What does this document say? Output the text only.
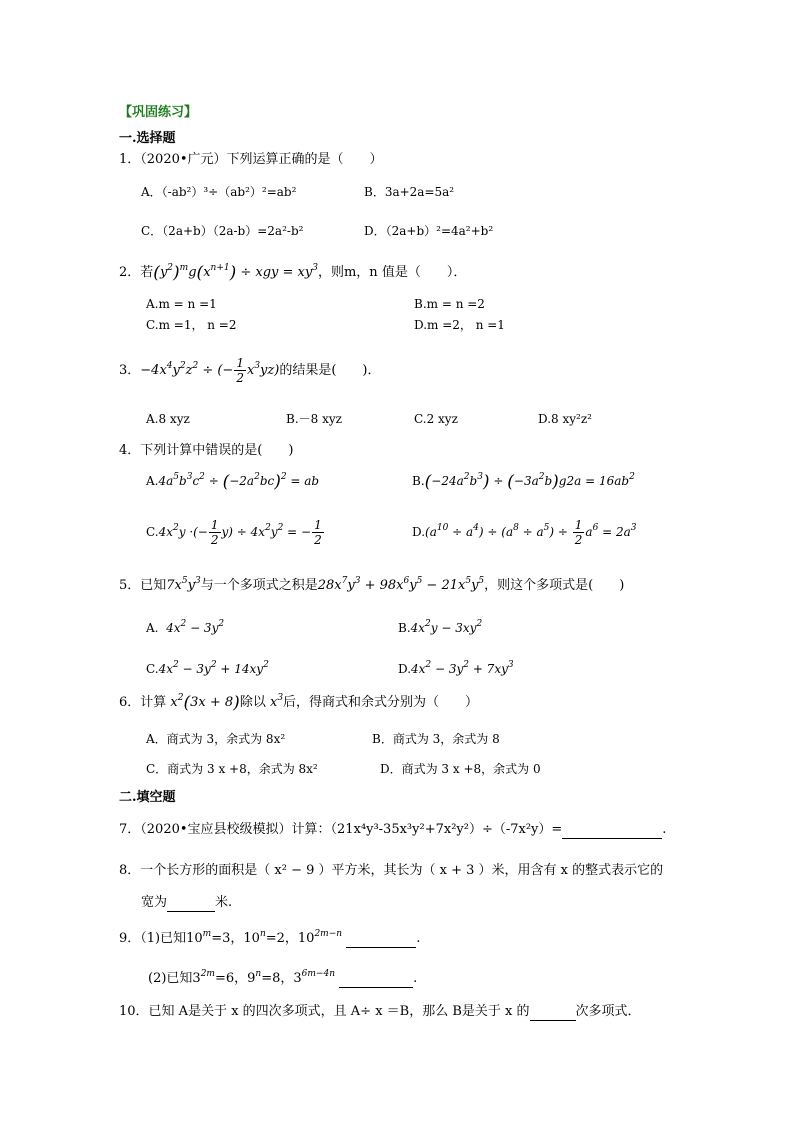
【巩固练习】
一.选择题
1．（2020•广元）下列运算正确的是（　　）
A．（-ab²）³÷（ab²）²=ab²	B．3a+2a=5a²
C．（2a+b）（2a-b）=2a²-b²	D．（2a+b）²=4a²+b²
2．若$(y^2)^mg(x^{n+1})$ ÷ xgy = $xy^3$，则m，n 值是（　　）．
A.m = n =1	B.m = n =2
C.m =1， n =2	D.m =2， n =1
3．$-4x^4y^2z^2$ ÷ (− $\frac{1}{2} x^3yz$)的结果是(　　)．
A.8 xyz	B.－8 xyz	C.2 xyz	D.8 xy²z²
4．下列计算中错误的是(　　)
$A.4a^5b^3c^2 \div (-2a^2bc)^2$ = ab	$B.(-24a^2b^3) \div (-3a^2b)g2a = 16ab^2$
$C.4x^2y$ ·(− $\frac{1}{2} y) \div 4x^2y^2$ = − $\frac{1}{2}$	$D.(a^{10} \div a^4) \div (a^8 \div a^5) \div \frac{1}{2} a^6 = 2a^3$
5．已知$7x^5y^3$与一个多项式之积是$28x^7y^3 + 98x^6y^5 - 21x^5y^5$，则这个多项式是(　　)
A.  $4x^2 - 3y^2$	$B.4x^2y - 3xy^2$
$C.4x^2 - 3y^2 + 14xy^2$	$D.4x^2 - 3y^2 + 7xy^3$
6．计算 $x^2(3x + 8)$除以 $x^3$后，得商式和余式分别为（　　）
A．商式为 3，余式为 8x²	B．商式为 3，余式为 8
C．商式为 3 x +8，余式为 8x²	D．商式为 3 x +8，余式为 0
二.填空题
7．（2020•宝应县校级模拟）计算：（21x⁴y³-35x³y²+7x²y²）÷（-7x²y）=	.
8．一个长方形的面积是（ x² − 9 ）平方米，其长为（ x + 3 ）米，用含有 x 的整式表示它的
宽为	米.
9．（1)已知$10^m=3$，$10^n=2$，$10^{2m-n}$	.
(2)已知$3^{2m}=6$，$9^n=8$，$3^{6m-4n}$	.
10．已知 A是关于 x 的四次多项式，且 A÷ x ＝B，那么 B是关于 x 的	次多项式．
